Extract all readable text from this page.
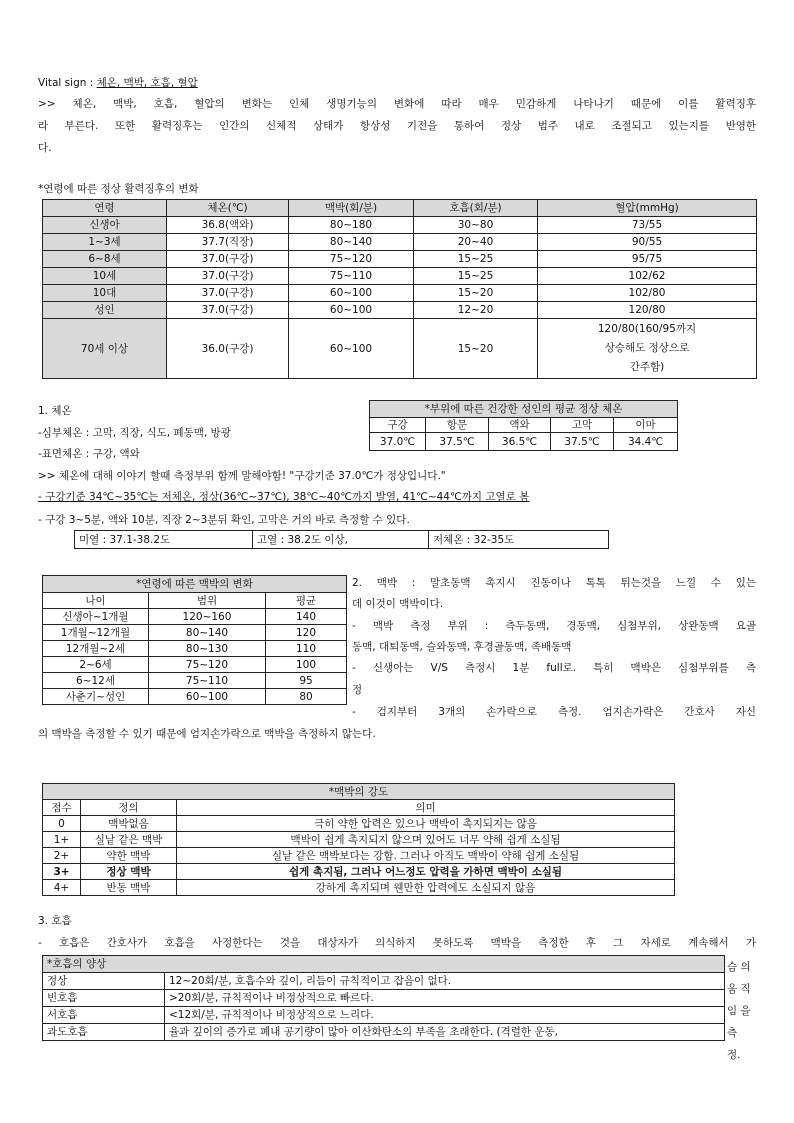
Vital sign : 체온, 맥박, 호흡, 혈압
>> 체온, 맥박, 호흡, 혈압의 변화는 인체 생명기능의 변화에 따라 매우 민감하게 나타나기 때문에 이를 활력징후
라 부른다. 또한 활력징후는 인간의 신체적 상태가 항상성 기전을 통하여 정상 범주 내로 조절되고 있는지를 반영한
다.
*연령에 따른 정상 활력징후의 변화
연령	체온(℃)	맥박(회/분)	호흡(회/분)	혈압(mmHg)
신생아	36.8(액와)	80~180	30~80	73/55
1~3세	37.7(직장)	80~140	20~40	90/55
6~8세	37.0(구강)	75~120	15~25	95/75
10세	37.0(구강)	75~110	15~25	102/62
10대	37.0(구강)	60~100	15~20	102/80
성인	37.0(구강)	60~100	12~20	120/80
70세 이상	36.0(구강)	60~100	15~20	120/80(160/95까지
상승해도 정상으로
간주함)
1. 체온
-심부체온 : 고막, 직장, 식도, 폐동맥, 방광
-표면체온 : 구강, 액와
>> 체온에 대해 이야기 할때 측정부위 함께 말해야함! "구강기준 37.0℃가 정상입니다."
- 구강기준 34℃~35℃는 저체온, 정상(36℃~37℃), 38℃~40℃까지 발열, 41℃~44℃까지 고열로 봄
- 구강 3~5분, 액와 10분, 직장 2~3분뒤 확인, 고막은 거의 바로 측정할 수 있다.
미열 : 37.1-38.2도	고열 : 38.2도 이상,	저체온 : 32-35도
*부위에 따른 건강한 성인의 평균 정상 체온				
구강	항문	액와	고막	이마
37.0℃	37.5℃	36.5℃	37.5℃	34.4℃
*연령에 따른 맥박의 변화		
나이	범위	평균
신생아~1개월	120~160	140
1개월~12개월	80~140	120
12개월~2세	80~130	110
2~6세	75~120	100
6~12세	75~110	95
사춘기~성인	60~100	80
2. 맥박 : 말초동맥 촉지시 진동이나 톡톡 튀는것을 느낄 수 있는
데 이것이 맥박이다.
- 맥박 측정 부위 : 측두동맥, 경동맥, 심첨부위, 상완동맥 요골
동맥, 대퇴동맥, 슬와동맥, 후경골동맥, 족배동맥
- 신생아는 V/S 측정시 1분 full로. 특히 맥박은 심첨부위를 측
정
- 검지부터 3개의 손가락으로 측정. 엄지손가락은 간호사 자신
의 맥박을 측정할 수 있기 때문에 엄지손가락으로 맥박을 측정하지 않는다.
*맥박의 강도		
점수	정의	의미
0	맥박없음	극히 약한 압력은 있으나 맥박이 촉지되지는 않음
1+	실낱 같은 맥박	맥박이 쉽게 촉지되지 않으며 있어도 너무 약해 쉽게 소실됨
2+	약한 맥박	실낱 같은 맥박보다는 강함. 그러나 아직도 맥박이 약해 쉽게 소실됨
3+	정상 맥박	쉽게 촉지됨, 그러나 어느정도 압력을 가하면 맥박이 소실됨
4+	반동 맥박	강하게 촉지되며 웬만한 압력에도 소실되지 않음
3. 호흡
- 호흡은 간호사가 호흡을 사정한다는 것을 대상자가 의식하지 못하도록 맥박을 측정한 후 그 자세로 계속해서 가
*호흡의 양상	
정상	12~20회/분, 호흡수와 깊이, 리듬이 규칙적이고 잡음이 없다.
빈호흡	>20회/분, 규칙적이나 비정상적으로 빠르다.
서호흡	<12회/분, 규칙적이나 비정상적으로 느리다.
과도호흡	율과 깊이의 증가로 폐내 공기량이 많아 이산화탄소의 부족을 초래한다. (격렬한 운동,
슴 의
움 직
임 을
측
정.
